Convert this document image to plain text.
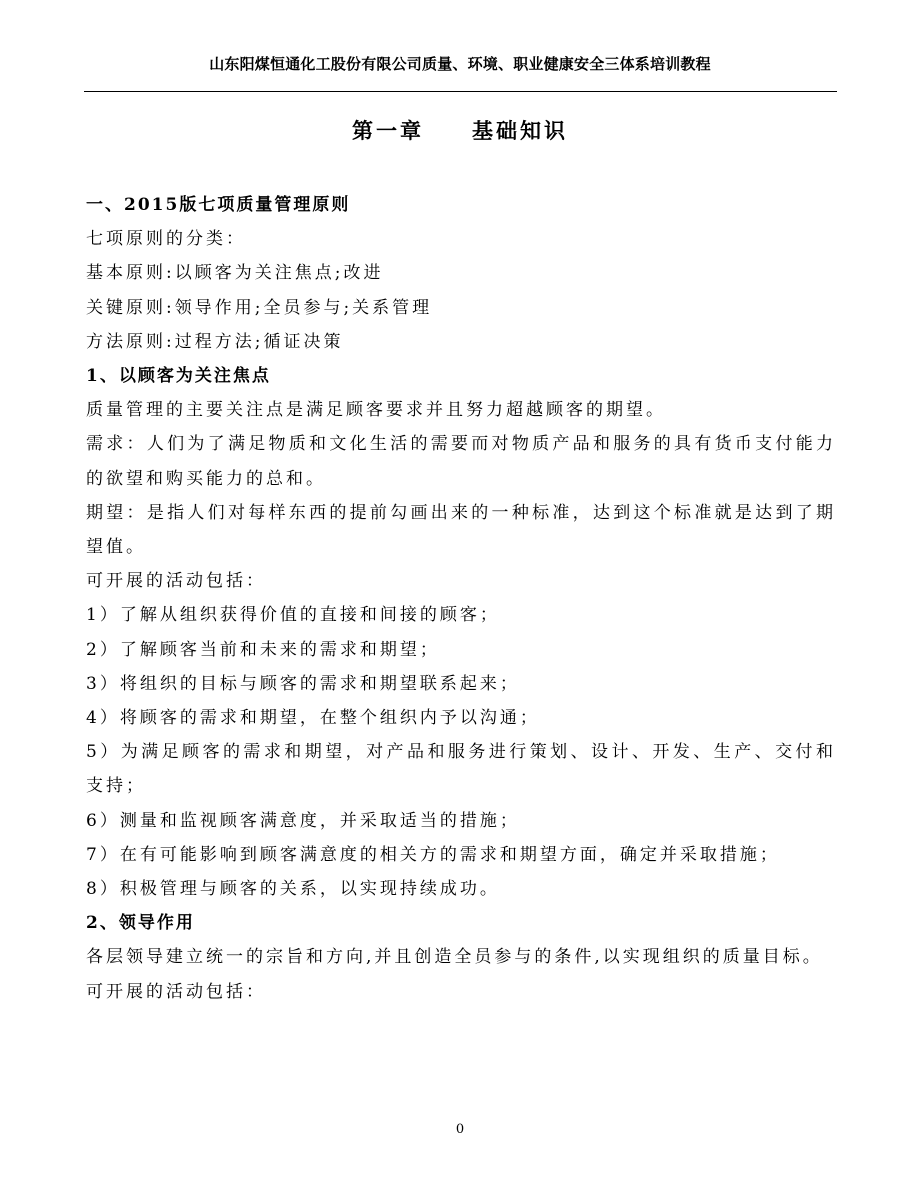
山东阳煤恒通化工股份有限公司质量、环境、职业健康安全三体系培训教程
第一章　　基础知识

一、2015版七项质量管理原则

七项原则的分类：

基本原则:以顾客为关注焦点;改进

关键原则:领导作用;全员参与;关系管理

方法原则:过程方法;循证决策

1、以顾客为关注焦点

质量管理的主要关注点是满足顾客要求并且努力超越顾客的期望。

需求：人们为了满足物质和文化生活的需要而对物质产品和服务的具有货币支付能力的欲望和购买能力的总和。

期望：是指人们对每样东西的提前勾画出来的一种标准，达到这个标准就是达到了期望值。

可开展的活动包括：

1）了解从组织获得价值的直接和间接的顾客；

2）了解顾客当前和未来的需求和期望；

3）将组织的目标与顾客的需求和期望联系起来；

4）将顾客的需求和期望，在整个组织内予以沟通；

5）为满足顾客的需求和期望，对产品和服务进行策划、设计、开发、生产、交付和支持；

6）测量和监视顾客满意度，并采取适当的措施；

7）在有可能影响到顾客满意度的相关方的需求和期望方面，确定并采取措施；

8）积极管理与顾客的关系，以实现持续成功。

2、领导作用

各层领导建立统一的宗旨和方向,并且创造全员参与的条件,以实现组织的质量目标。

可开展的活动包括：

0
